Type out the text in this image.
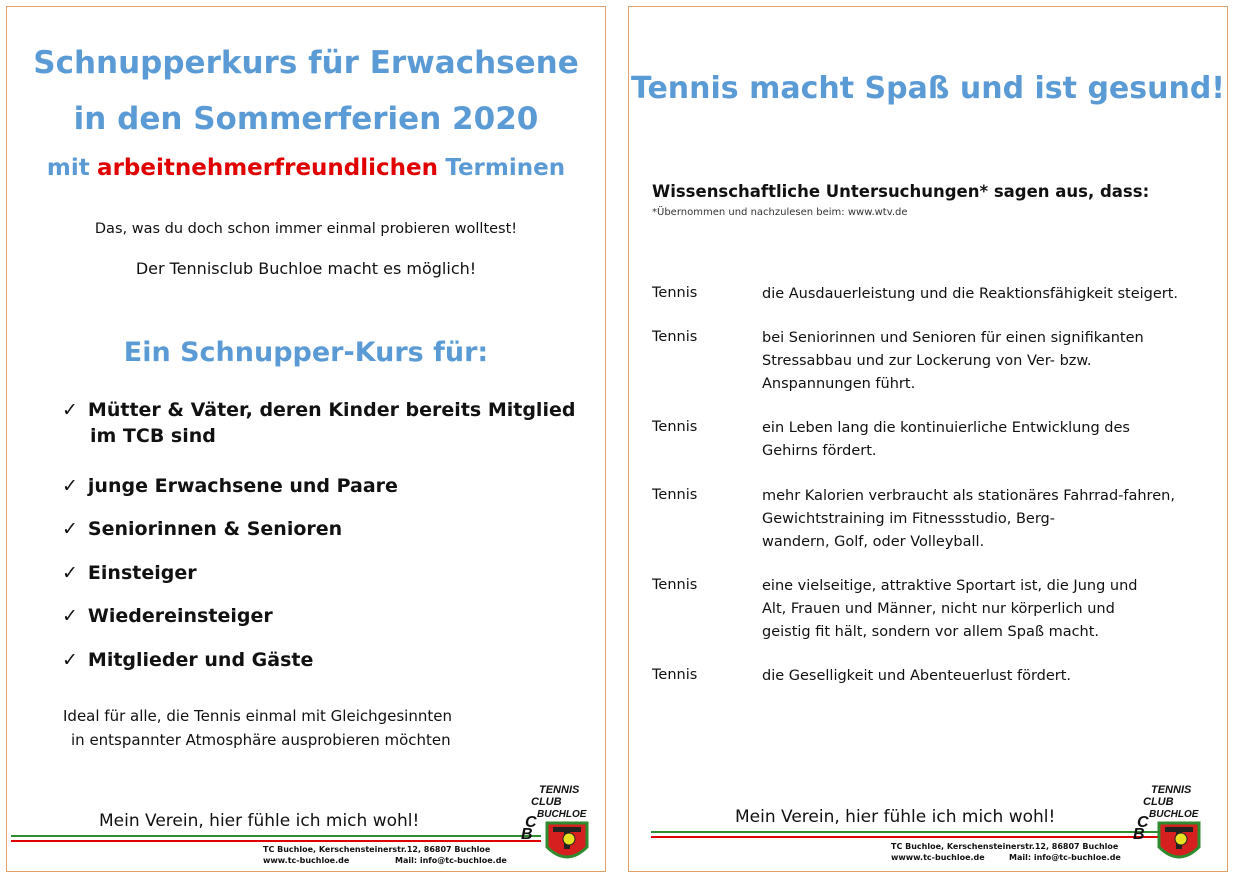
Schnupperkurs für Erwachsene
in den Sommerferien 2020
mit arbeitnehmerfreundlichen Terminen
Das, was du doch schon immer einmal probieren wolltest!
Der Tennisclub Buchloe macht es möglich!
Ein Schnupper-Kurs für:
✓ Mütter & Väter, deren Kinder bereits Mitglied
im TCB sind
✓ junge Erwachsene und Paare
✓ Seniorinnen & Senioren
✓ Einsteiger
✓ Wiedereinsteiger
✓ Mitglieder und Gäste
Ideal für alle, die Tennis einmal mit Gleichgesinnten
in entspannter Atmosphäre ausprobieren möchten
Mein Verein, hier fühle ich mich wohl!
TC Buchloe, Kerschensteinerstr.12, 86807 Buchloe
www.tc-buchloe.de	Mail: info@tc-buchloe.de
TENNIS
CLUB
BUCHLOE
C
B
Tennis macht Spaß und ist gesund!
Wissenschaftliche Untersuchungen* sagen aus, dass:
*Übernommen und nachzulesen beim: www.wtv.de
Tennis	die Ausdauerleistung und die Reaktionsfähigkeit steigert.
Tennis	bei Seniorinnen und Senioren für einen signifikanten
Stressabbau und zur Lockerung von Ver- bzw.
Anspannungen führt.
Tennis	ein Leben lang die kontinuierliche Entwicklung des
Gehirns fördert.
Tennis	mehr Kalorien verbraucht als stationäres Fahrrad-fahren,
Gewichtstraining im Fitnessstudio, Berg-
wandern, Golf, oder Volleyball.
Tennis	eine vielseitige, attraktive Sportart ist, die Jung und
Alt, Frauen und Männer, nicht nur körperlich und
geistig fit hält, sondern vor allem Spaß macht.
Tennis	die Geselligkeit und Abenteuerlust fördert.
Mein Verein, hier fühle ich mich wohl!
TC Buchloe, Kerschensteinerstr.12, 86807 Buchloe
wwww.tc-buchloe.de	Mail: info@tc-buchloe.de
TENNIS
CLUB
BUCHLOE
C
B
